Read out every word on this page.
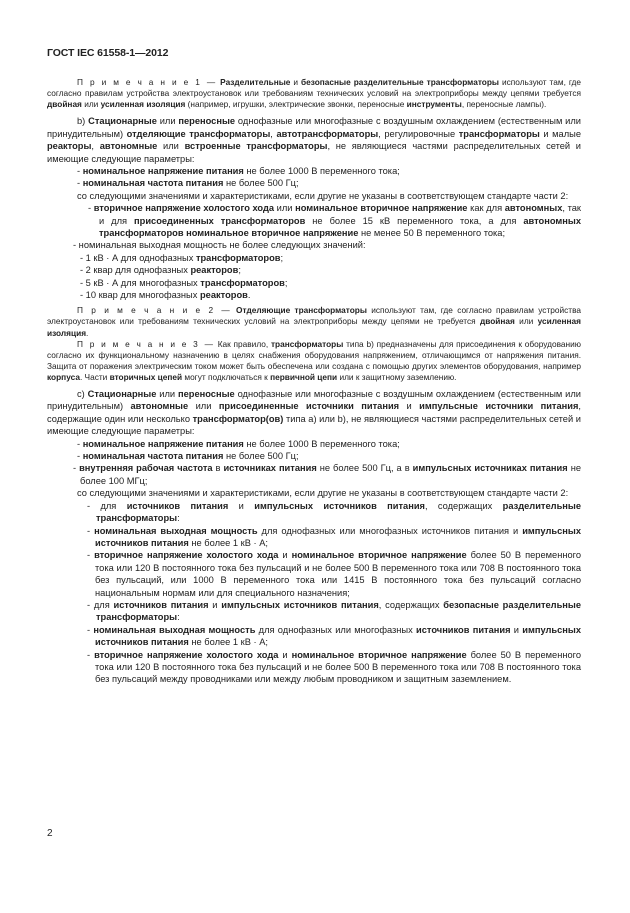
ГОСТ IEC 61558-1—2012

П р и м е ч а н и е 1 — Разделительные и безопасные разделительные трансформаторы используют там, где согласно правилам устройства электроустановок или требованиям технических условий на электроприборы между цепями требуется двойная или усиленная изоляция (например, игрушки, электрические звонки, переносные инструменты, переносные лампы).

b) Стационарные или переносные однофазные или многофазные с воздушным охлаждением (естественным или принудительным) отделяющие трансформаторы, автотрансформаторы, регулировочные трансформаторы и малые реакторы, автономные или встроенные трансформаторы, не являющиеся частями распределительных сетей и имеющие следующие параметры:

- номинальное напряжение питания не более 1000 В переменного тока;

- номинальная частота питания не более 500 Гц;

со следующими значениями и характеристиками, если другие не указаны в соответствующем стандарте части 2:

- вторичное напряжение холостого хода или номинальное вторичное напряжение как для автономных, так и для присоединенных трансформаторов не более 15 кВ переменного тока, а для автономных трансформаторов номинальное вторичное напряжение не менее 50 В переменного тока;

- номинальная выходная мощность не более следующих значений:

- 1 кВ · А для однофазных трансформаторов;

- 2 квар для однофазных реакторов;

- 5 кВ · А для многофазных трансформаторов;

- 10 квар для многофазных реакторов.

П р и м е ч а н и е 2 — Отделяющие трансформаторы используют там, где согласно правилам устройства электроустановок или требованиям технических условий на электроприборы между цепями не требуется двойная или усиленная изоляция.

П р и м е ч а н и е 3 — Как правило, трансформаторы типа b) предназначены для присоединения к оборудованию согласно их функциональному назначению в целях снабжения оборудования напряжением, отличающимся от напряжения питания. Защита от поражения электрическим током может быть обеспечена или создана с помощью других элементов оборудования, например корпуса. Части вторичных цепей могут подключаться к первичной цепи или к защитному заземлению.

c) Стационарные или переносные однофазные или многофазные с воздушным охлаждением (естественным или принудительным) автономные или присоединенные источники питания и импульсные источники питания, содержащие один или несколько трансформатор(ов) типа а) или b), не являющиеся частями распределительных сетей и имеющие следующие параметры:

- номинальное напряжение питания не более 1000 В переменного тока;

- номинальная частота питания не более 500 Гц;

- внутренняя рабочая частота в источниках питания не более 500 Гц, а в импульсных источниках питания не более 100 МГц;

со следующими значениями и характеристиками, если другие не указаны в соответствующем стандарте части 2:

- для источников питания и импульсных источников питания, содержащих разделительные трансформаторы:

- номинальная выходная мощность для однофазных или многофазных источников питания и импульсных источников питания не более 1 кВ · А;

- вторичное напряжение холостого хода и номинальное вторичное напряжение более 50 В переменного тока или 120 В постоянного тока без пульсаций и не более 500 В переменного тока или 708 В постоянного тока без пульсаций, или 1000 В переменного тока или 1415 В постоянного тока без пульсаций согласно национальным нормам или для специального назначения;

- для источников питания и импульсных источников питания, содержащих безопасные разделительные трансформаторы:

- номинальная выходная мощность для однофазных или многофазных источников питания и импульсных источников питания не более 1 кВ · А;

- вторичное напряжение холостого хода и номинальное вторичное напряжение более 50 В переменного тока или 120 В постоянного тока без пульсаций и не более 500 В переменного тока или 708 В постоянного тока без пульсаций между проводниками или между любым проводником и защитным заземлением.

2
